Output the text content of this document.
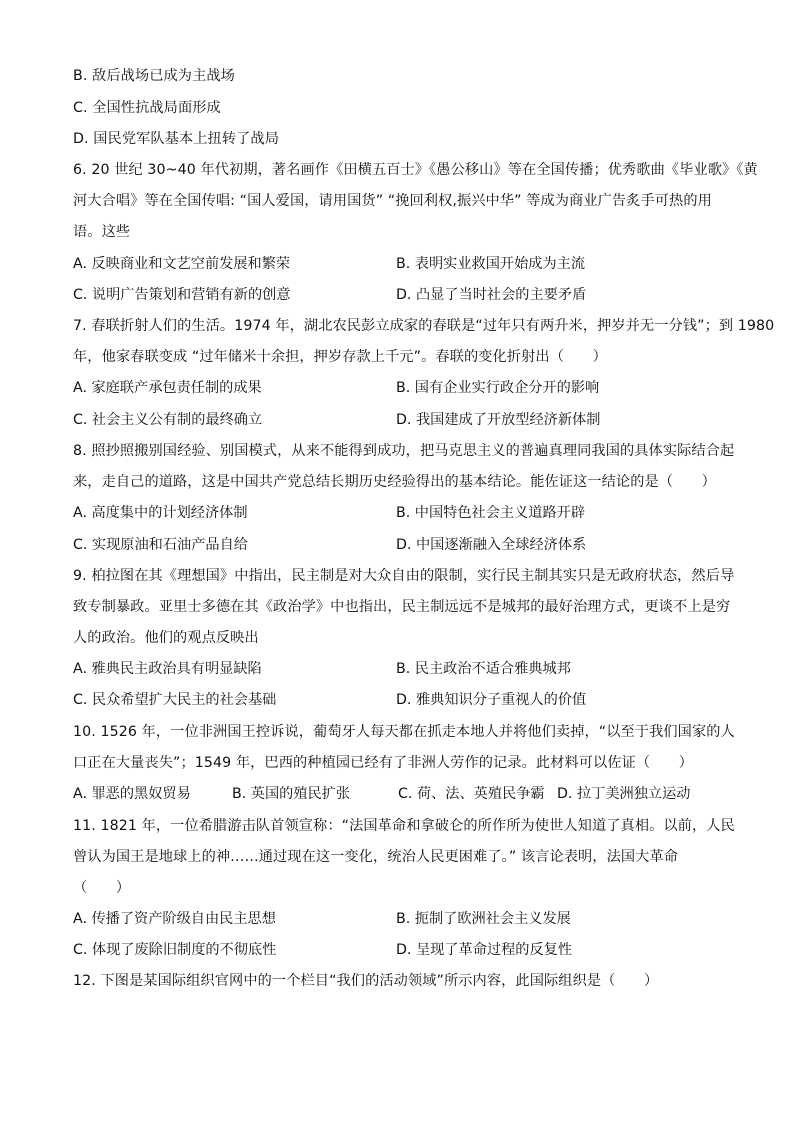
B. 敌后战场已成为主战场
C. 全国性抗战局面形成
D. 国民党军队基本上扭转了战局
6. 20 世纪 30~40 年代初期，著名画作《田横五百士》《愚公移山》等在全国传播；优秀歌曲《毕业歌》《黄
河大合唱》等在全国传唱: “国人爱国，请用国货” “挽回利权,振兴中华” 等成为商业广告炙手可热的用
语。这些
A. 反映商业和文艺空前发展和繁荣	B. 表明实业救国开始成为主流
C. 说明广告策划和营销有新的创意	D. 凸显了当时社会的主要矛盾
7. 春联折射人们的生活。1974 年，湖北农民彭立成家的春联是“过年只有两升米，押岁并无一分钱”；到 1980
年，他家春联变成 “过年储米十余担，押岁存款上千元”。春联的变化折射出（　　）
A. 家庭联产承包责任制的成果	B. 国有企业实行政企分开的影响
C. 社会主义公有制的最终确立	D. 我国建成了开放型经济新体制
8. 照抄照搬别国经验、别国模式，从来不能得到成功，把马克思主义的普遍真理同我国的具体实际结合起
来，走自己的道路，这是中国共产党总结长期历史经验得出的基本结论。能佐证这一结论的是（　　）
A. 高度集中的计划经济体制	B. 中国特色社会主义道路开辟
C. 实现原油和石油产品自给	D. 中国逐渐融入全球经济体系
9. 柏拉图在其《理想国》中指出，民主制是对大众自由的限制，实行民主制其实只是无政府状态，然后导
致专制暴政。亚里士多德在其《政治学》中也指出，民主制远远不是城邦的最好治理方式，更谈不上是穷
人的政治。他们的观点反映出
A. 雅典民主政治具有明显缺陷	B. 民主政治不适合雅典城邦
C. 民众希望扩大民主的社会基础	D. 雅典知识分子重视人的价值
10. 1526 年，一位非洲国王控诉说，葡萄牙人每天都在抓走本地人并将他们卖掉，“以至于我们国家的人
口正在大量丧失”；1549 年，巴西的种植园已经有了非洲人劳作的记录。此材料可以佐证（　　）
A. 罪恶的黑奴贸易	B. 英国的殖民扩张	C. 荷、法、英殖民争霸 D. 拉丁美洲独立运动
11. 1821 年，一位希腊游击队首领宣称：“法国革命和拿破仑的所作所为使世人知道了真相。以前，人民
曾认为国王是地球上的神……通过现在这一变化，统治人民更困难了。” 该言论表明，法国大革命
（　　）
A. 传播了资产阶级自由民主思想	B. 扼制了欧洲社会主义发展
C. 体现了废除旧制度的不彻底性	D. 呈现了革命过程的反复性
12. 下图是某国际组织官网中的一个栏目“我们的活动领域”所示内容，此国际组织是（　　）
